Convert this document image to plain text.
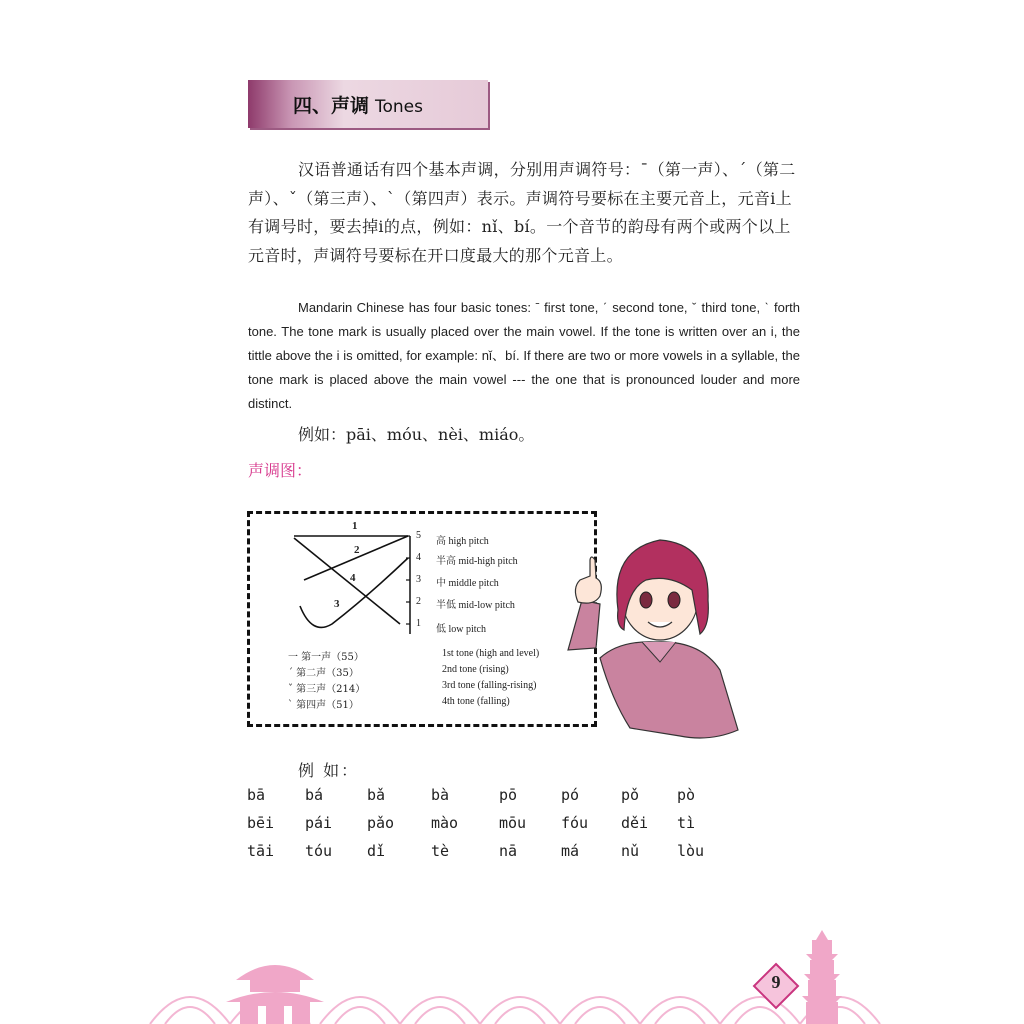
四、声调 Tones

汉语普通话有四个基本声调，分别用声调符号：ˉ（第一声）、ˊ（第二声）、ˇ（第三声）、ˋ（第四声）表示。声调符号要标在主要元音上，元音i上有调号时，要去掉i的点，例如：nǐ、bí。一个音节的韵母有两个或两个以上元音时，声调符号要标在开口度最大的那个元音上。

Mandarin Chinese has four basic tones: ˉ first tone, ˊ second tone, ˇ third tone, ˋ forth tone. The tone mark is usually placed over the main vowel. If the tone is written over an i, the tittle above the i is omitted, for example: nǐ、bí. If there are two or more vowels in a syllable, the tone mark is placed above the main vowel --- the one that is pronounced louder and more distinct.

例如：pāi、móu、nèi、miáo。
声调图：
1
2
3
4
5
高 high pitch
4 半高 mid-high pitch
3 中 middle pitch
2 半低 mid-low pitch
1
低 low pitch
一 第一声（55）	1st tone (high and level)
ˊ 第二声（35）	2nd tone (rising)
ˇ 第三声（214）	3rd tone (falling-rising)
ˋ 第四声（51）	4th tone (falling)
例 如：
bā	bá	bǎ	bà	pō	pó	pǒ	pò
bēi pái pǎo mào	mōu fóu děi tì
tāi tóu dǐ	tè	nā	má	nǔ	lòu
9
